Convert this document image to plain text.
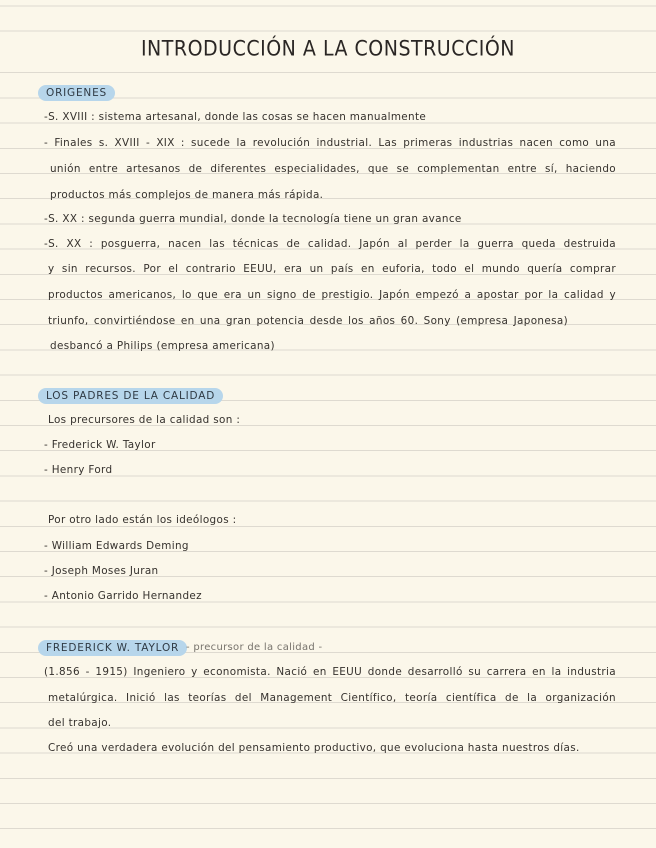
INTRODUCCIÓN A LA CONSTRUCCIÓN
ORIGENES
-S. XVIII : sistema artesanal, donde las cosas se hacen manualmente
- Finales s. XVIII - XIX : sucede la revolución industrial. Las primeras industrias nacen como una
unión entre artesanos de diferentes especialidades, que se complementan entre sí, haciendo
productos más complejos de manera más rápida.
-S. XX : segunda guerra mundial, donde la tecnología tiene un gran avance
-S. XX : posguerra, nacen las técnicas de calidad. Japón al perder la guerra queda destruida
y sin recursos. Por el contrario EEUU, era un país en euforia, todo el mundo quería comprar
productos americanos, lo que era un signo de prestigio. Japón empezó a apostar por la calidad y
triunfo, convirtiéndose en una gran potencia desde los años 60. Sony (empresa Japonesa)
desbancó a Philips (empresa americana)
LOS PADRES DE LA CALIDAD
Los precursores de la calidad son :
- Frederick W. Taylor
- Henry Ford
Por otro lado están los ideólogos :
- William Edwards Deming
- Joseph Moses Juran
- Antonio Garrido Hernandez
FREDERICK W. TAYLOR - precursor de la calidad -
(1.856 - 1915) Ingeniero y economista. Nació en EEUU donde desarrolló su carrera en la industria
metalúrgica. Inició las teorías del Management Científico, teoría científica de la organización
del trabajo.
Creó una verdadera evolución del pensamiento productivo, que evoluciona hasta nuestros días.
